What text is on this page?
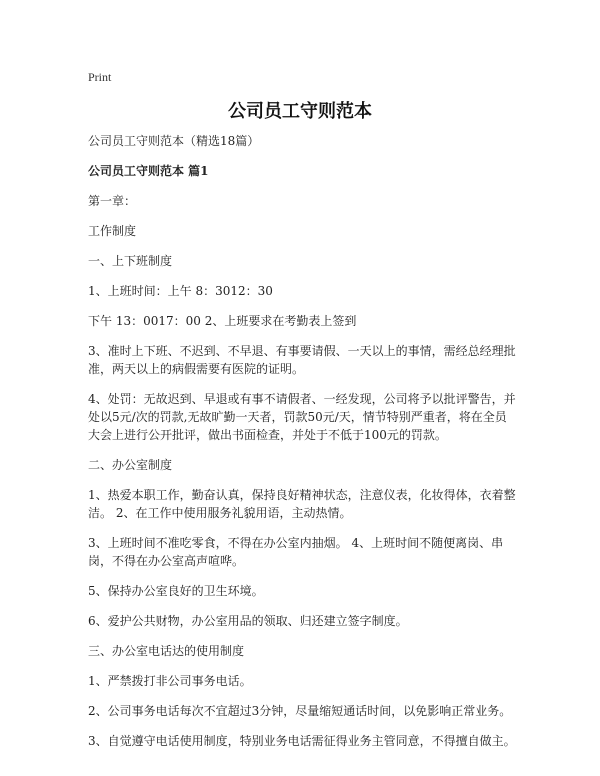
Print
公司员工守则范本

公司员工守则范本（精选18篇）

公司员工守则范本 篇1

第一章：

工作制度

一、上下班制度

1、上班时间：上午 8：3012：30

下午 13：0017：00 2、上班要求在考勤表上签到

3、准时上下班、不迟到、不早退、有事要请假、一天以上的事情，需经总经理批准，两天以上的病假需要有医院的证明。

4、处罚：无故迟到、早退或有事不请假者、一经发现，公司将予以批评警告，并处以5元/次的罚款,无故旷勤一天者，罚款50元/天，情节特别严重者，将在全员大会上进行公开批评，做出书面检查，并处于不低于100元的罚款。

二、办公室制度

1、热爱本职工作，勤奋认真，保持良好精神状态，注意仪表，化妆得体，衣着整洁。 2、在工作中使用服务礼貌用语，主动热情。

3、上班时间不准吃零食，不得在办公室内抽烟。 4、上班时间不随便离岗、串岗，不得在办公室高声喧哗。

5、保持办公室良好的卫生环境。

6、爱护公共财物，办公室用品的领取、归还建立签字制度。

三、办公室电话达的使用制度

1、严禁拨打非公司事务电话。

2、公司事务电话每次不宜超过3分钟，尽量缩短通话时间，以免影响正常业务。

3、自觉遵守电话使用制度，特别业务电话需征得业务主管同意，不得擅自做主。
